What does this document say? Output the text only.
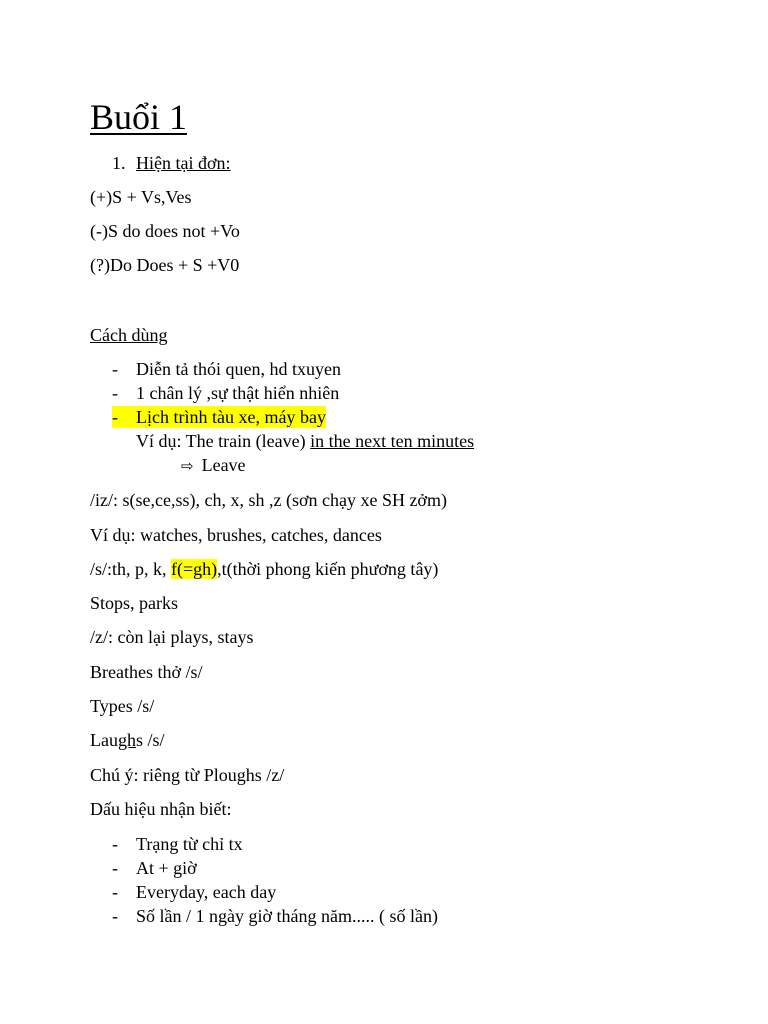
Buổi 1
1. Hiện tại đơn:
(+)S + Vs,Ves
(-)S do does not +Vo
(?)Do Does + S +V0
Cách dùng
- Diễn tả thói quen, hd txuyen
- 1 chân lý ,sự thật hiển nhiên
- Lịch trình tàu xe, máy bay
Ví dụ: The train (leave) in the next ten minutes
⇨ Leave
/iz/: s(se,ce,ss), ch, x, sh ,z (sơn chạy xe SH zởm)
Ví dụ: watches, brushes, catches, dances
/s/:th, p, k, f(=gh),t(thời phong kiến phương tây)
Stops, parks
/z/: còn lại plays, stays
Breathes thở /s/
Types /s/
Laughs /s/
Chú ý: riêng từ Ploughs /z/
Dấu hiệu nhận biết:
- Trạng từ chỉ tx
- At + giờ
- Everyday, each day
- Số lần / 1 ngày giờ tháng năm..... ( số lần)
